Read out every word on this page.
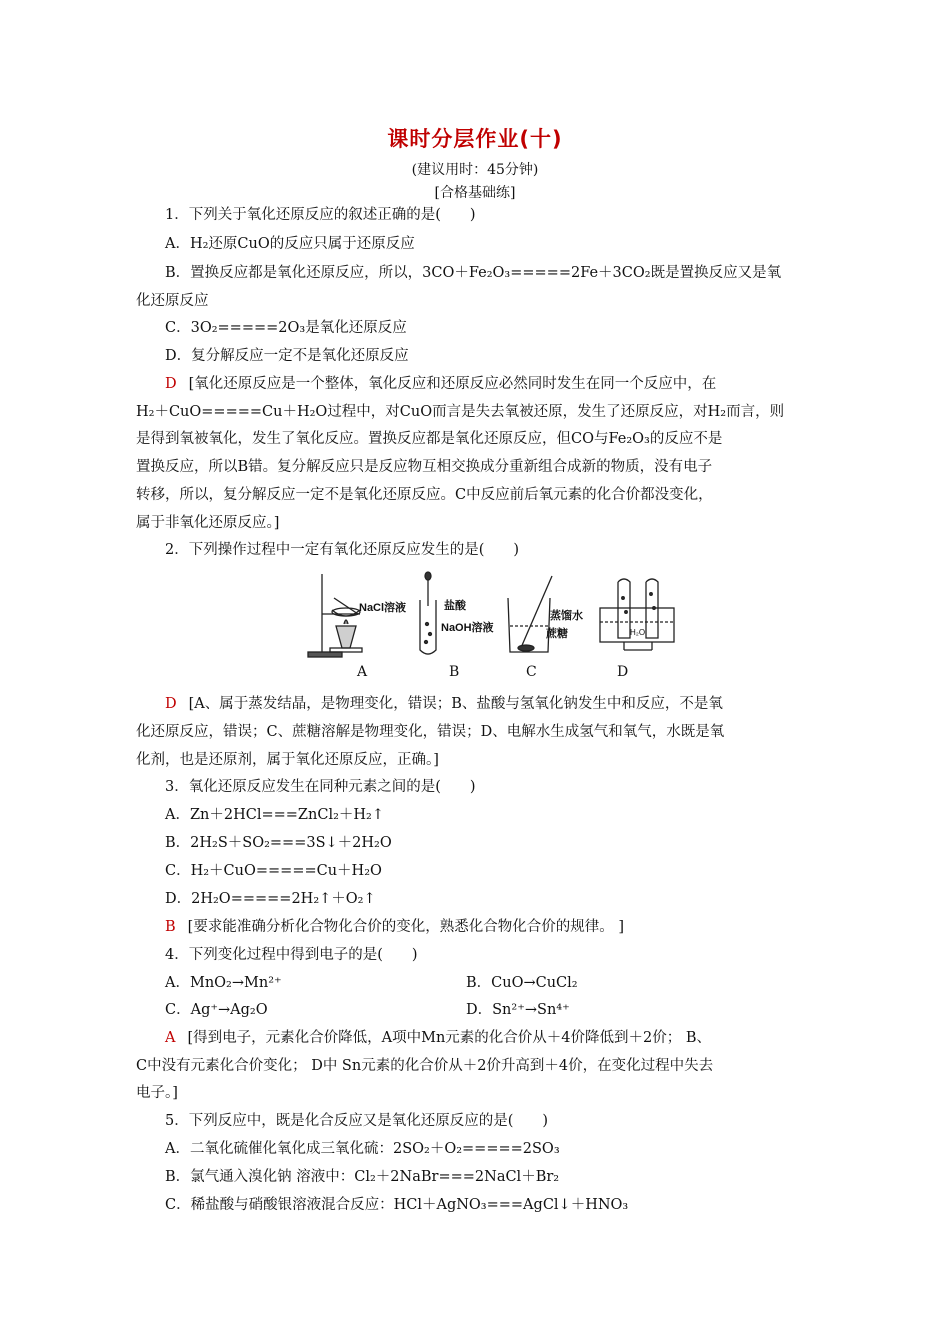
课时分层作业(十)
(建议用时：45分钟)
[合格基础练]
1．下列关于氧化还原反应的叙述正确的是(　　)
A．H₂还原CuO的反应只属于还原反应
B．置换反应都是氧化还原反应，所以，3CO＋Fe₂O₃=====2Fe＋3CO₂既是置换反应又是氧
化还原反应
C．3O₂=====2O₃是氧化还原反应
D．复分解反应一定不是氧化还原反应
D [氧化还原反应是一个整体，氧化反应和还原反应必然同时发生在同一个反应中，在
H₂＋CuO=====Cu＋H₂O过程中，对CuO而言是失去氧被还原，发生了还原反应，对H₂而言，则
是得到氧被氧化，发生了氧化反应。置换反应都是氧化还原反应，但CO与Fe₂O₃的反应不是
置换反应，所以B错。复分解反应只是反应物互相交换成分重新组合成新的物质，没有电子
转移，所以，复分解反应一定不是氧化还原反应。C中反应前后氧元素的化合价都没变化，
属于非氧化还原反应。]
2．下列操作过程中一定有氧化还原反应发生的是(　　)
NaCl溶液	盐酸
NaOH溶液
蒸馏水
蔗糖	H₂O
A	B	C	D
D [A、属于蒸发结晶，是物理变化，错误；B、盐酸与氢氧化钠发生中和反应，不是氧
化还原反应，错误；C、蔗糖溶解是物理变化，错误；D、电解水生成氢气和氧气，水既是氧
化剂，也是还原剂，属于氧化还原反应，正确。]
3．氧化还原反应发生在同种元素之间的是(　　)
A．Zn＋2HCl===ZnCl₂＋H₂↑
B．2H₂S＋SO₂===3S↓＋2H₂O
C．H₂＋CuO=====Cu＋H₂O
D．2H₂O=====2H₂↑＋O₂↑
B [要求能准确分析化合物化合价的变化，熟悉化合物化合价的规律。 ]
4．下列变化过程中得到电子的是(　　)
A．MnO₂→Mn²⁺	B．CuO→CuCl₂
C．Ag⁺→Ag₂O	D．Sn²⁺→Sn⁴⁺
A [得到电子，元素化合价降低，A项中Mn元素的化合价从＋4价降低到＋2价； B、
C中没有元素化合价变化； D中 Sn元素的化合价从＋2价升高到＋4价，在变化过程中失去
电子。]
5．下列反应中，既是化合反应又是氧化还原反应的是(　　)
A．二氧化硫催化氧化成三氧化硫：2SO₂＋O₂=====2SO₃
B．氯气通入溴化钠 溶液中：Cl₂＋2NaBr===2NaCl＋Br₂
C．稀盐酸与硝酸银溶液混合反应：HCl＋AgNO₃===AgCl↓＋HNO₃
